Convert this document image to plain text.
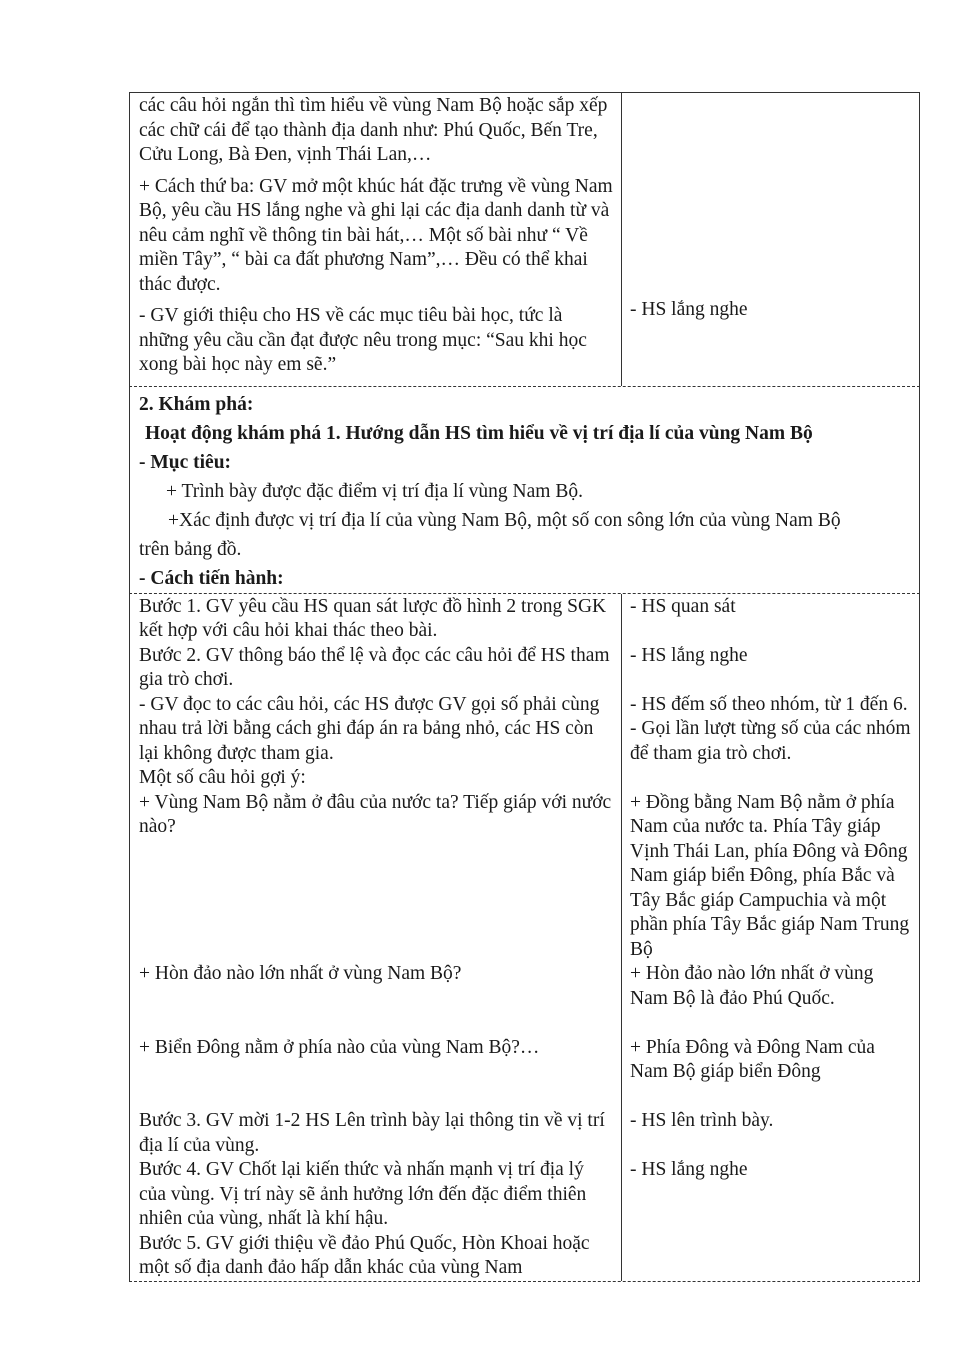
các câu hỏi ngắn thì tìm hiểu về vùng Nam Bộ hoặc sắp xếp các chữ cái để tạo thành địa danh như: Phú Quốc, Bến Tre, Cửu Long, Bà Đen, vịnh Thái Lan,…

+ Cách thứ ba: GV mở một khúc hát đặc trưng về vùng Nam Bộ, yêu cầu HS lắng nghe và ghi lại các địa danh danh từ và nêu cảm nghĩ về thông tin bài hát,… Một số bài như “ Về miền Tây”, “ bài ca đất phương Nam”,… Đều có thể khai thác được.

- GV giới thiệu cho HS về các mục tiêu bài học, tức là những yêu cầu cần đạt được nêu trong mục: “Sau khi học xong bài học này em sẽ.”

- HS lắng nghe

2. Khám phá:

Hoạt động khám phá 1. Hướng dẫn HS tìm hiểu về vị trí địa lí của vùng Nam Bộ

- Mục tiêu:

+ Trình bày được đặc điểm vị trí địa lí vùng Nam Bộ.

+Xác định được vị trí địa lí của vùng Nam Bộ, một số con sông lớn của vùng Nam Bộ

trên bảng đồ.

- Cách tiến hành:

Bước 1. GV yêu cầu HS quan sát lược đồ hình 2 trong SGK kết hợp với câu hỏi khai thác theo bài.

Bước 2. GV thông báo thể lệ và đọc các câu hỏi để HS tham gia trò chơi.

- GV đọc to các câu hỏi, các HS được GV gọi số phải cùng nhau trả lời bằng cách ghi đáp án ra bảng nhỏ, các HS còn lại không được tham gia.

Một số câu hỏi gợi ý:
+ Vùng Nam Bộ nằm ở đâu của nước ta? Tiếp giáp với nước nào?

+ Hòn đảo nào lớn nhất ở vùng Nam Bộ?

+ Biển Đông nằm ở phía nào của vùng Nam Bộ?…

Bước 3. GV mời 1-2 HS Lên trình bày lại thông tin về vị trí địa lí của vùng.

Bước 4. GV Chốt lại kiến thức và nhấn mạnh vị trí địa lý của vùng. Vị trí này sẽ ảnh hưởng lớn đến đặc điểm thiên nhiên của vùng, nhất là khí hậu.

Bước 5. GV giới thiệu về đảo Phú Quốc, Hòn Khoai hoặc một số địa danh đảo hấp dẫn khác của vùng Nam

- HS quan sát

- HS lắng nghe

- HS đếm số theo nhóm, từ 1 đến 6.
- Gọi lần lượt từng số của các nhóm để tham gia trò chơi.

+ Đồng bằng Nam Bộ nằm ở phía Nam của nước ta. Phía Tây giáp Vịnh Thái Lan, phía Đông và Đông Nam giáp biển Đông, phía Bắc và Tây Bắc giáp Campuchia và một phần phía Tây Bắc giáp Nam Trung Bộ

+ Hòn đảo nào lớn nhất ở vùng Nam Bộ là đảo Phú Quốc.

+ Phía Đông và Đông Nam của Nam Bộ giáp biển Đông

- HS lên trình bày.

- HS lắng nghe
